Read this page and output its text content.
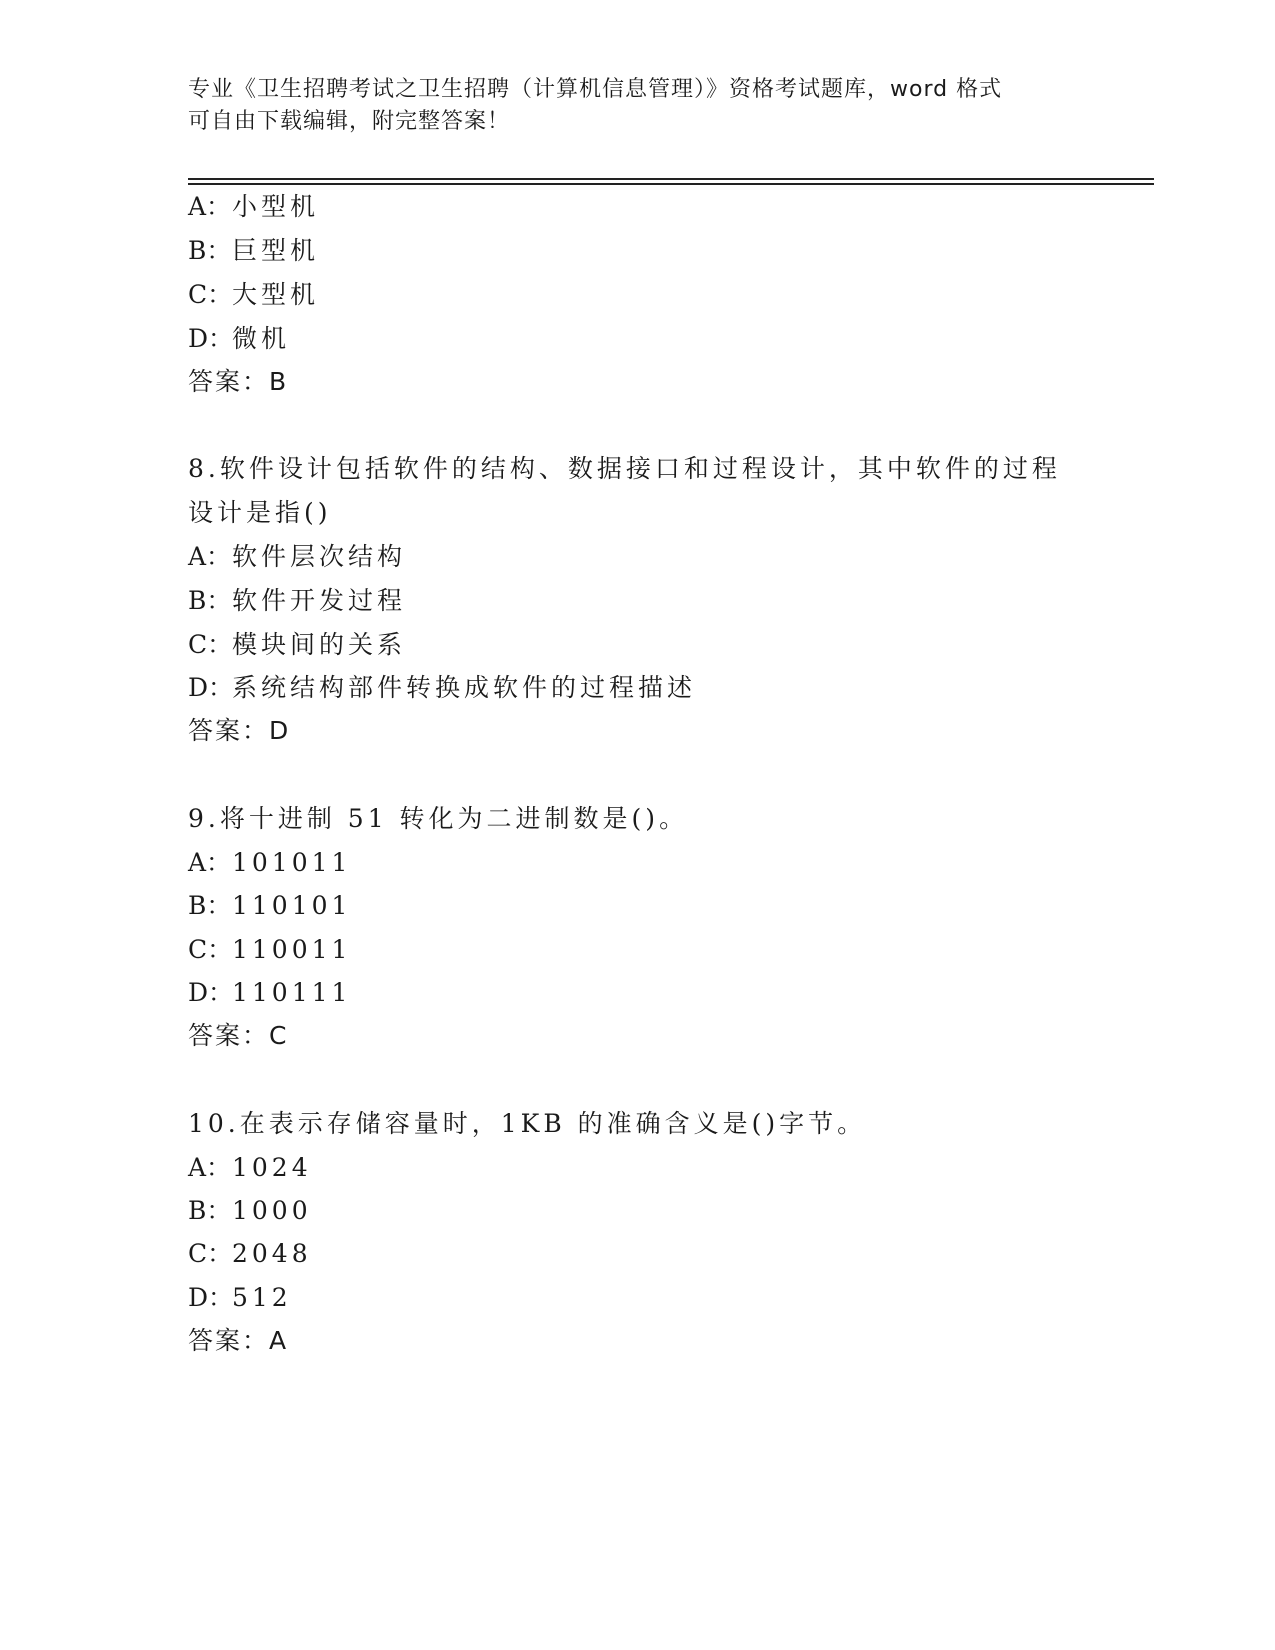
专业《卫生招聘考试之卫生招聘（计算机信息管理）》资格考试题库，word 格式
可自由下载编辑，附完整答案！
A：小型机
B：巨型机
C：大型机
D：微机
答案：B
8.软件设计包括软件的结构、数据接口和过程设计，其中软件的过程
设计是指()
A：软件层次结构
B：软件开发过程
C：模块间的关系
D：系统结构部件转换成软件的过程描述
答案：D
9.将十进制 51 转化为二进制数是()。
A：101011
B：110101
C：110011
D：110111
答案：C
10.在表示存储容量时，1KB 的准确含义是()字节。
A：1024
B：1000
C：2048
D：512
答案：A
